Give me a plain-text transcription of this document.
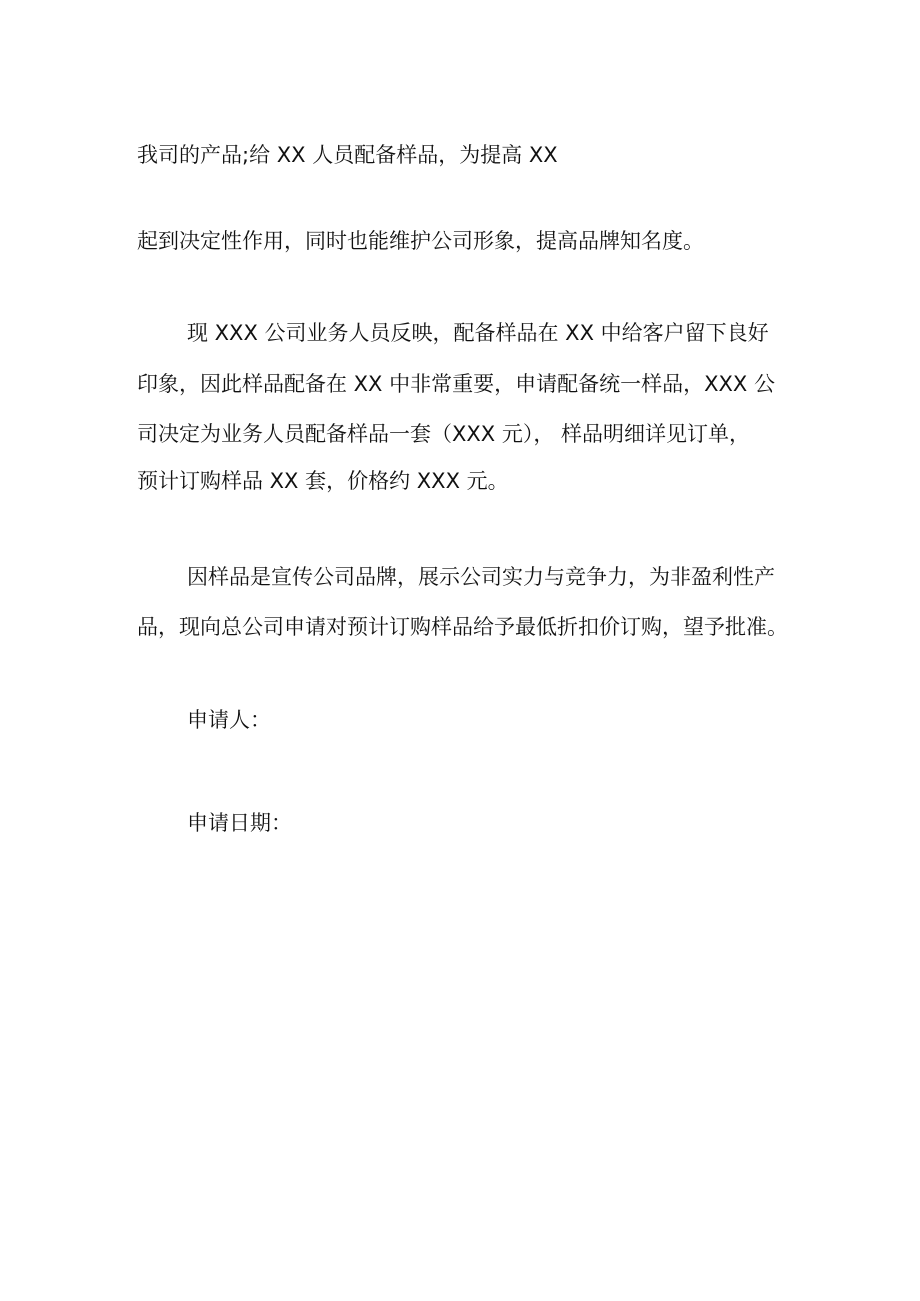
我司的产品;给 XX 人员配备样品，为提高 XX
起到决定性作用，同时也能维护公司形象，提高品牌知名度。
现 XXX 公司业务人员反映，配备样品在 XX 中给客户留下良好
印象，因此样品配备在 XX 中非常重要，申请配备统一样品，XXX 公
司决定为业务人员配备样品一套（XXX 元）， 样品明细详见订单，
预计订购样品 XX 套，价格约 XXX 元。
因样品是宣传公司品牌，展示公司实力与竞争力，为非盈利性产
品，现向总公司申请对预计订购样品给予最低折扣价订购，望予批准。
申请人：
申请日期：
